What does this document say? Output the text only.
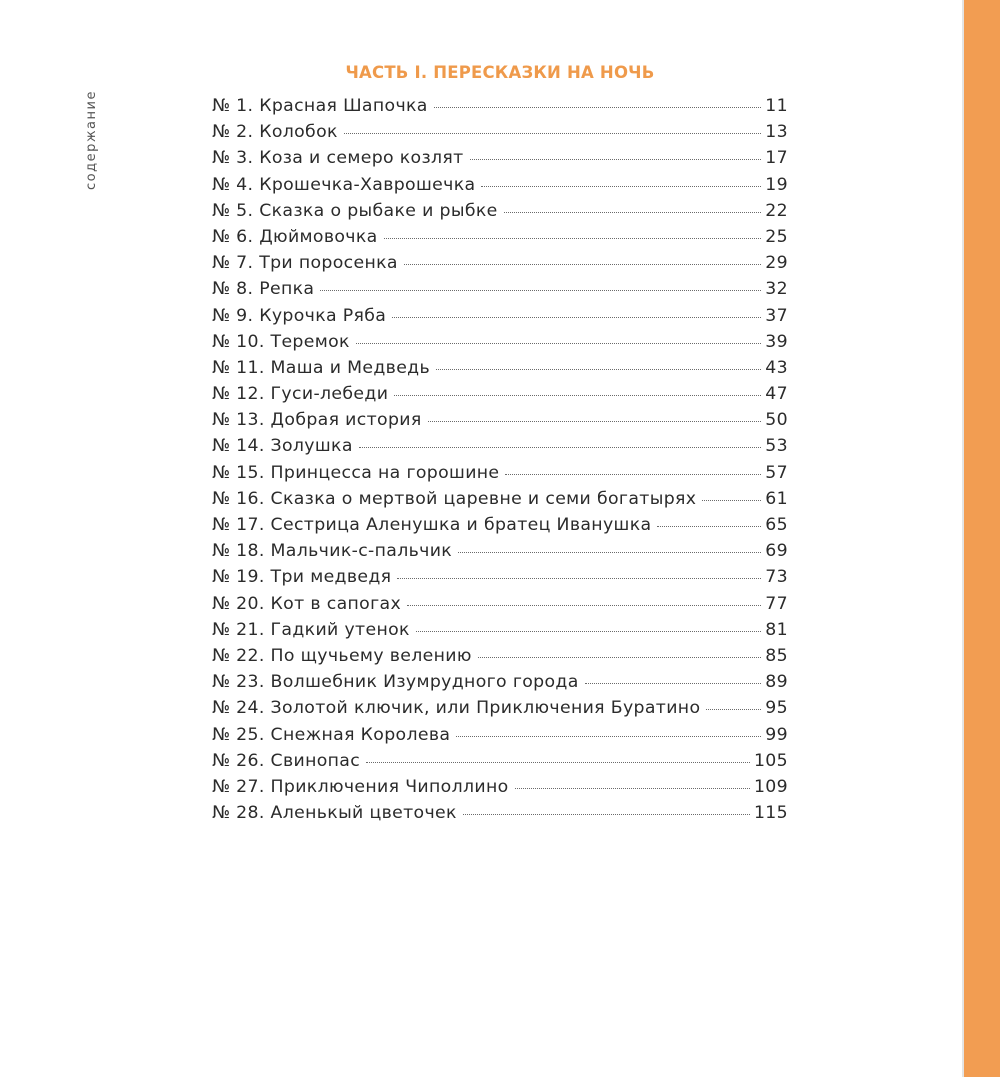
содержание
ЧАСТЬ I. ПЕРЕСКАЗКИ НА НОЧЬ
№ 1. Красная Шапочка	11
№ 2. Колобок	13
№ 3. Коза и семеро козлят	17
№ 4. Крошечка-Хаврошечка	19
№ 5. Сказка о рыбаке и рыбке	22
№ 6. Дюймовочка	25
№ 7. Три поросенка	29
№ 8. Репка	32
№ 9. Курочка Ряба	37
№ 10. Теремок	39
№ 11. Маша и Медведь	43
№ 12. Гуси-лебеди	47
№ 13. Добрая история	50
№ 14. Золушка	53
№ 15. Принцесса на горошине	57
№ 16. Сказка о мертвой царевне и семи богатырях	61
№ 17. Сестрица Аленушка и братец Иванушка	65
№ 18. Мальчик-с-пальчик	69
№ 19. Три медведя	73
№ 20. Кот в сапогах	77
№ 21. Гадкий утенок	81
№ 22. По щучьему велению	85
№ 23. Волшебник Изумрудного города	89
№ 24. Золотой ключик, или Приключения Буратино	95
№ 25. Снежная Королева	99
№ 26. Свинопас	105
№ 27. Приключения Чиполлино	109
№ 28. Аленькый цветочек	115
